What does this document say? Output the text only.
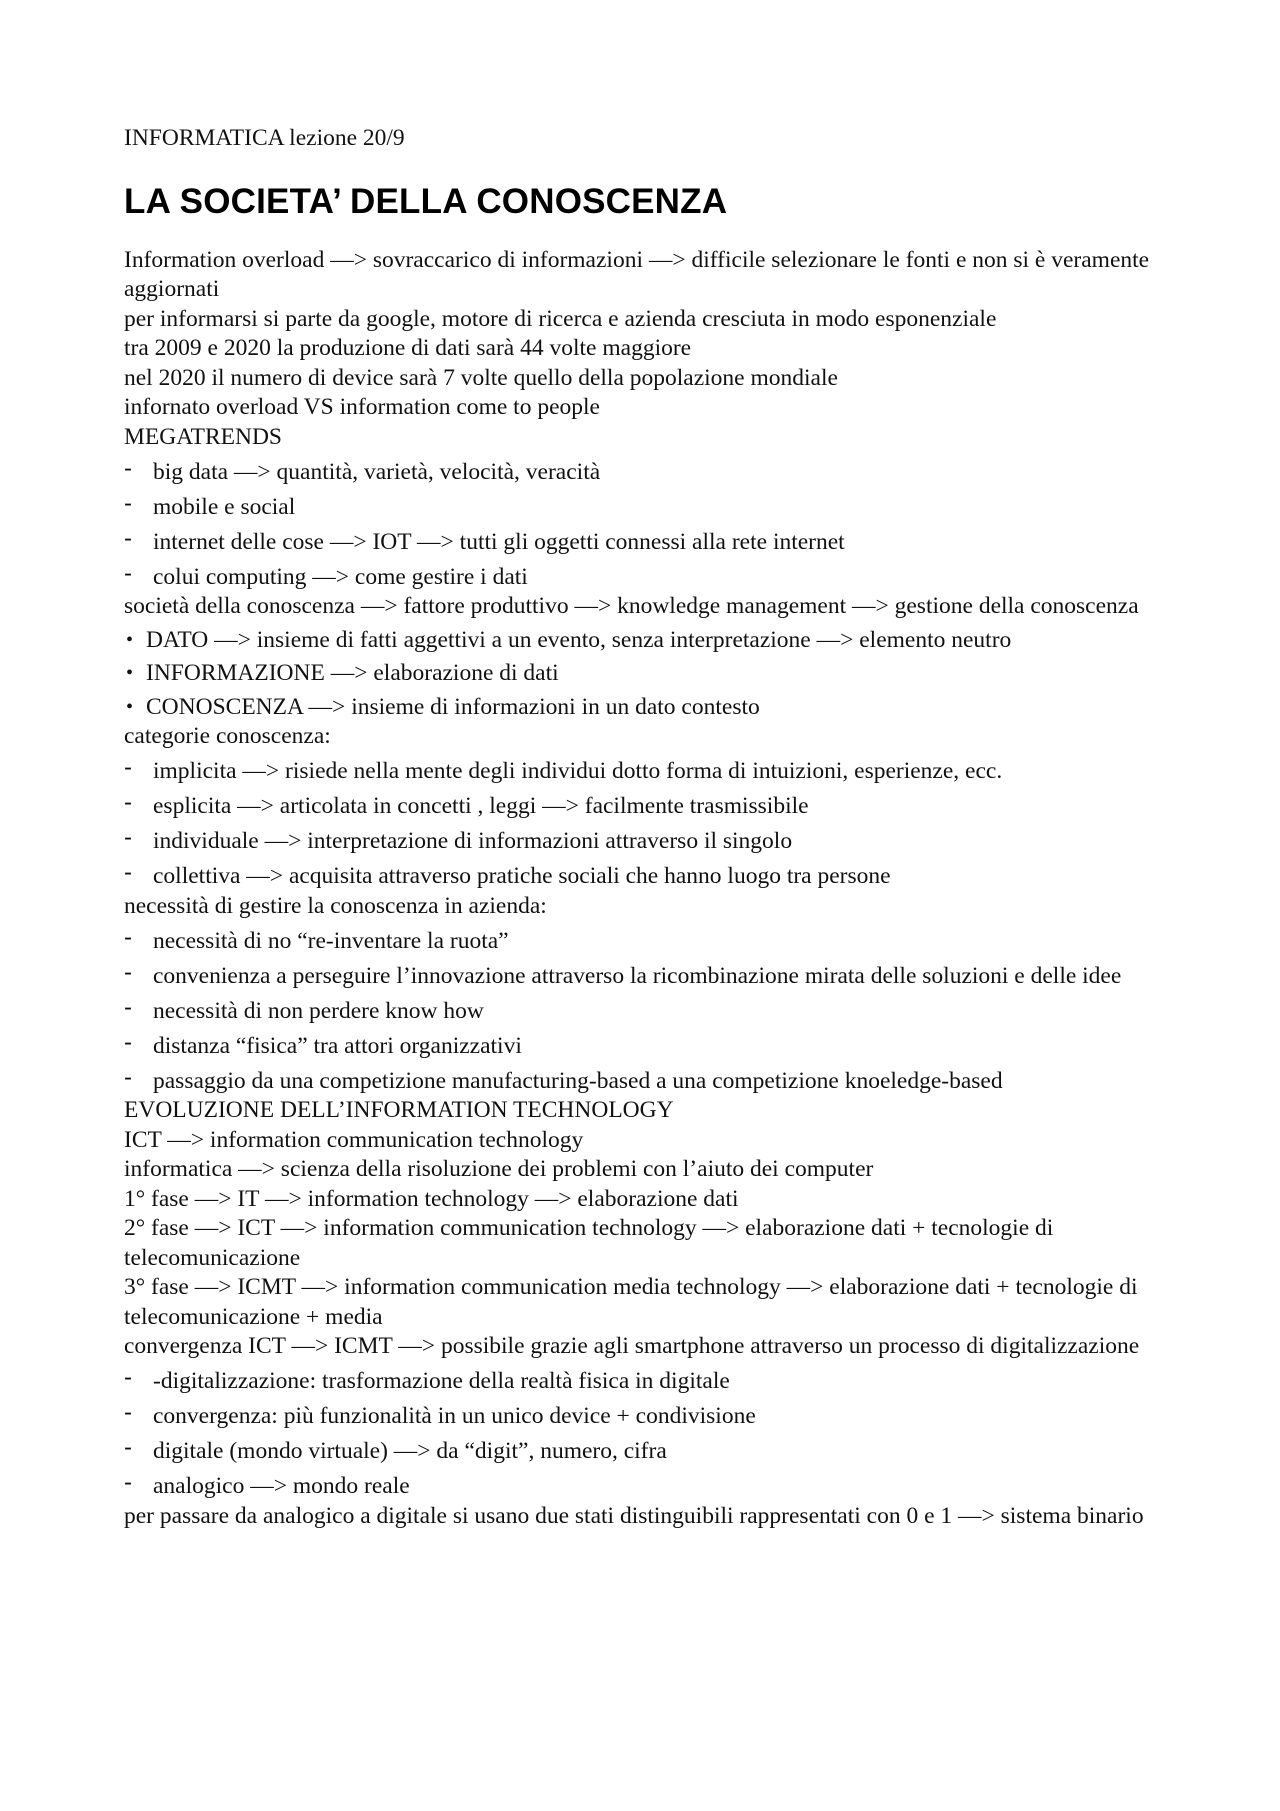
INFORMATICA lezione 20/9

LA SOCIETA’ DELLA CONOSCENZA

Information overload —> sovraccarico di informazioni —> difficile selezionare le fonti e non si è veramente aggiornati

per informarsi si parte da google, motore di ricerca e azienda cresciuta in modo esponenziale

tra 2009 e 2020 la produzione di dati sarà 44 volte maggiore

nel 2020 il numero di device sarà 7 volte quello della popolazione mondiale

infornato overload VS information come to people

MEGATRENDS

- big data —> quantità, varietà, velocità, veracità
- mobile e social
- internet delle cose —> IOT —> tutti gli oggetti connessi alla rete internet
- colui computing —> come gestire i dati

società della conoscenza —> fattore produttivo —> knowledge management —> gestione della conoscenza

• DATO —> insieme di fatti aggettivi a un evento, senza interpretazione —> elemento neutro
• INFORMAZIONE —> elaborazione di dati
• CONOSCENZA —> insieme di informazioni in un dato contesto

categorie conoscenza:

- implicita —> risiede nella mente degli individui dotto forma di intuizioni, esperienze, ecc.
- esplicita —> articolata in concetti , leggi —> facilmente trasmissibile
- individuale —> interpretazione di informazioni attraverso il singolo
- collettiva —> acquisita attraverso pratiche sociali che hanno luogo tra persone

necessità di gestire la conoscenza in azienda:

- necessità di no “re-inventare la ruota”
- convenienza a perseguire l’innovazione attraverso la ricombinazione mirata delle soluzioni e delle idee
- necessità di non perdere know how
- distanza “fisica” tra attori organizzativi
- passaggio da una competizione manufacturing-based a una competizione knoeledge-based

EVOLUZIONE DELL’INFORMATION TECHNOLOGY

ICT —> information communication technology

informatica —> scienza della risoluzione dei problemi con l’aiuto dei computer

1° fase —> IT —> information technology —> elaborazione dati

2° fase —> ICT —> information communication technology —> elaborazione dati + tecnologie di telecomunicazione

3° fase —> ICMT —> information communication media technology —> elaborazione dati + tecnologie di telecomunicazione + media

convergenza ICT —> ICMT —> possibile grazie agli smartphone attraverso un processo di digitalizzazione

- -digitalizzazione: trasformazione della realtà fisica in digitale
- convergenza: più funzionalità in un unico device + condivisione
- digitale (mondo virtuale) —> da “digit”, numero, cifra
- analogico —> mondo reale

per passare da analogico a digitale si usano due stati distinguibili rappresentati con 0 e 1 —> sistema binario
